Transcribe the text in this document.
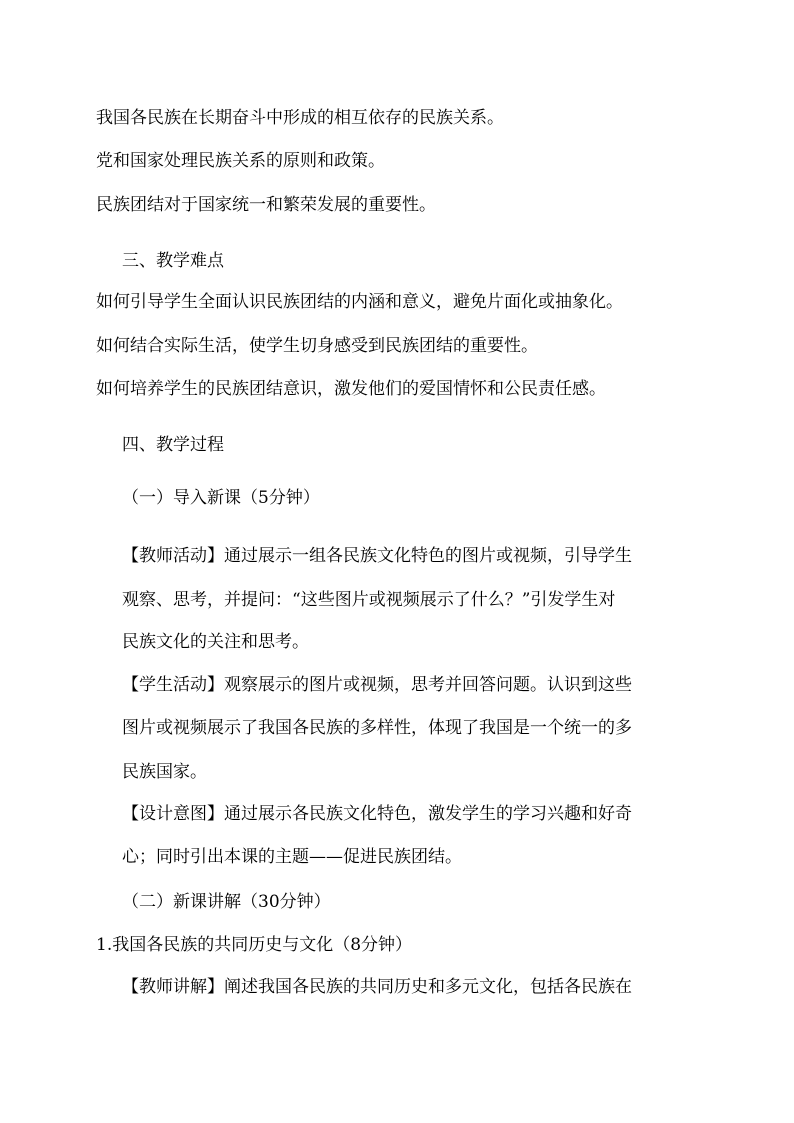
我国各民族在长期奋斗中形成的相互依存的民族关系。

党和国家处理民族关系的原则和政策。

民族团结对于国家统一和繁荣发展的重要性。

三、教学难点

如何引导学生全面认识民族团结的内涵和意义，避免片面化或抽象化。

如何结合实际生活，使学生切身感受到民族团结的重要性。

如何培养学生的民族团结意识，激发他们的爱国情怀和公民责任感。

四、教学过程

（一）导入新课（5分钟）

【教师活动】通过展示一组各民族文化特色的图片或视频，引导学生

观察、思考，并提问：“这些图片或视频展示了什么？”引发学生对

民族文化的关注和思考。

【学生活动】观察展示的图片或视频，思考并回答问题。认识到这些

图片或视频展示了我国各民族的多样性，体现了我国是一个统一的多

民族国家。

【设计意图】通过展示各民族文化特色，激发学生的学习兴趣和好奇

心；同时引出本课的主题——促进民族团结。

（二）新课讲解（30分钟）

1.我国各民族的共同历史与文化（8分钟）

【教师讲解】阐述我国各民族的共同历史和多元文化，包括各民族在
